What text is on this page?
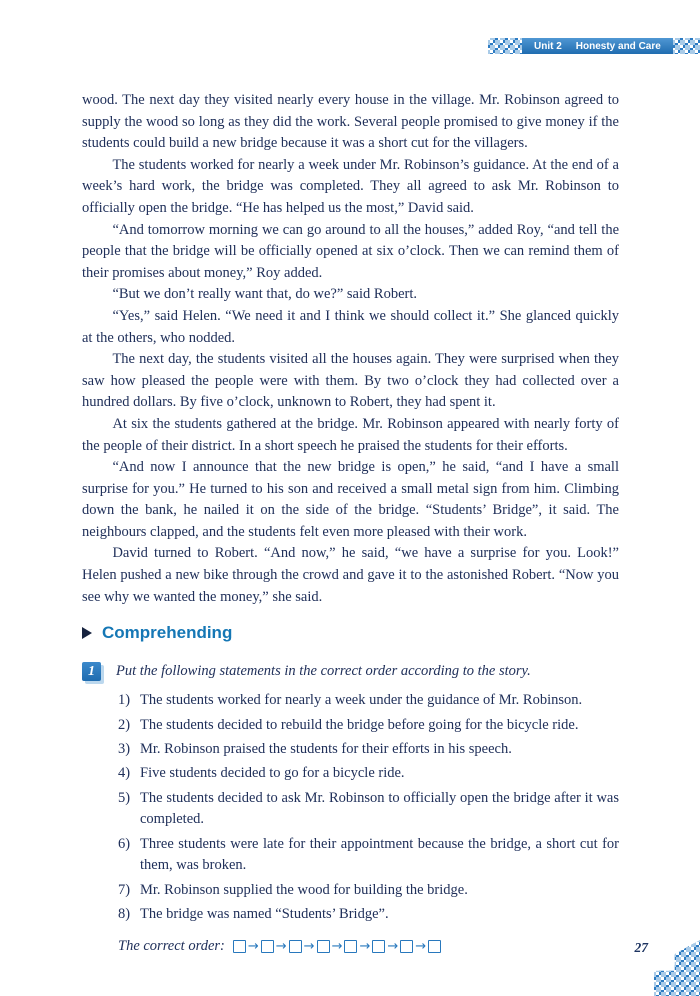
Unit 2 Honesty and Care

wood. The next day they visited nearly every house in the village. Mr. Robinson agreed to supply the wood so long as they did the work. Several people promised to give money if the students could build a new bridge because it was a short cut for the villagers.

The students worked for nearly a week under Mr. Robinson’s guidance. At the end of a week’s hard work, the bridge was completed. They all agreed to ask Mr. Robinson to officially open the bridge. “He has helped us the most,” David said.

“And tomorrow morning we can go around to all the houses,” added Roy, “and tell the people that the bridge will be officially opened at six o’clock. Then we can remind them of their promises about money,” Roy added.

“But we don’t really want that, do we?” said Robert.

“Yes,” said Helen. “We need it and I think we should collect it.” She glanced quickly at the others, who nodded.

The next day, the students visited all the houses again. They were surprised when they saw how pleased the people were with them. By two o’clock they had collected over a hundred dollars. By five o’clock, unknown to Robert, they had spent it.

At six the students gathered at the bridge. Mr. Robinson appeared with nearly forty of the people of their district. In a short speech he praised the students for their efforts.

“And now I announce that the new bridge is open,” he said, “and I have a small surprise for you.” He turned to his son and received a small metal sign from him. Climbing down the bank, he nailed it on the side of the bridge. “Students’ Bridge”, it said. The neighbours clapped, and the students felt even more pleased with their work.

David turned to Robert. “And now,” he said, “we have a surprise for you. Look!” Helen pushed a new bike through the crowd and gave it to the astonished Robert. “Now you see why we wanted the money,” she said.

Comprehending
1	Put the following statements in the correct order according to the story.
1) The students worked for nearly a week under the guidance of Mr. Robinson.
2) The students decided to rebuild the bridge before going for the bicycle ride.
3) Mr. Robinson praised the students for their efforts in his speech.
4) Five students decided to go for a bicycle ride.
5) The students decided to ask Mr. Robinson to officially open the bridge after it was completed.
6) Three students were late for their appointment because the bridge, a short cut for them, was broken.
7) Mr. Robinson supplied the wood for building the bridge.
8) The bridge was named “Students’ Bridge”.
The correct order: → → → → → → →	27
